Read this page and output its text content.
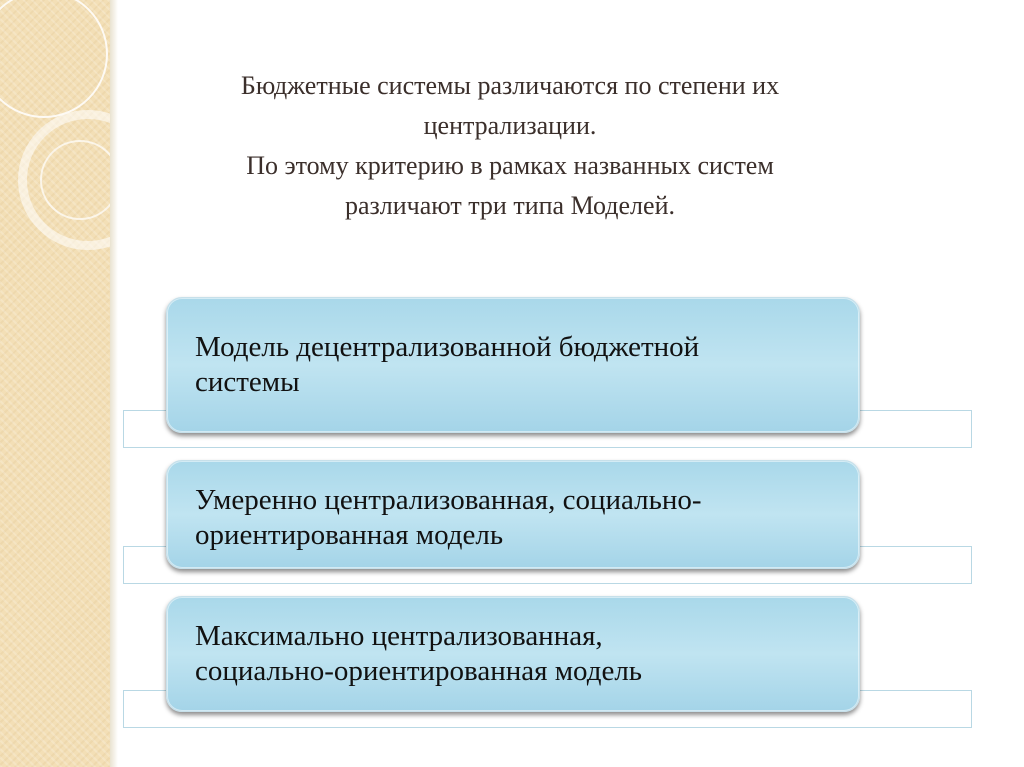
Бюджетные системы различаются по степени их
централизации.
По этому критерию в рамках названных систем
различают три типа Моделей.
Модель децентрализованной бюджетной
системы
Умеренно централизованная, социально-
ориентированная модель
Максимально централизованная,
социально-ориентированная модель
